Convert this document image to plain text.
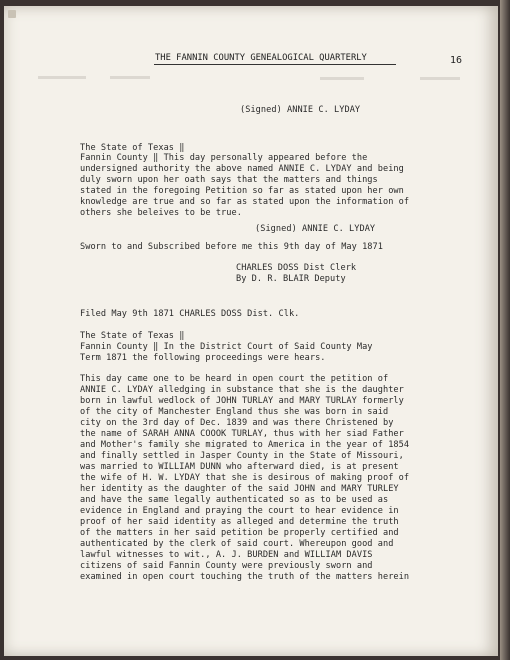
THE FANNIN COUNTY GENEALOGICAL QUARTERLY	16
(Signed) ANNIE C. LYDAY
The State of Texas ‖
Fannin County ‖ This day personally appeared before the
undersigned authority the above named ANNIE C. LYDAY and being
duly sworn upon her oath says that the matters and things
stated in the foregoing Petition so far as stated upon her own
knowledge are true and so far as stated upon the information of
others she beleives to be true.
(Signed) ANNIE C. LYDAY
Sworn to and Subscribed before me this 9th day of May 1871
CHARLES DOSS Dist Clerk
By D. R. BLAIR Deputy
Filed May 9th 1871 CHARLES DOSS Dist. Clk.
The State of Texas ‖
Fannin County ‖ In the District Court of Said County May
Term 1871 the following proceedings were hears.
This day came one to be heard in open court the petition of
ANNIE C. LYDAY alledging in substance that she is the daughter
born in lawful wedlock of JOHN TURLAY and MARY TURLAY formerly
of the city of Manchester England thus she was born in said
city on the 3rd day of Dec. 1839 and was there Christened by
the name of SARAH ANNA COOOK TURLAY, thus with her siad Father
and Mother's family she migrated to America in the year of 1854
and finally settled in Jasper County in the State of Missouri,
was married to WILLIAM DUNN who afterward died, is at present
the wife of H. W. LYDAY that she is desirous of making proof of
her identity as the daughter of the said JOHN and MARY TURLEY
and have the same legally authenticated so as to be used as
evidence in England and praying the court to hear evidence in
proof of her said identity as alleged and determine the truth
of the matters in her said petition be properly certified and
authenticated by the clerk of said court. Whereupon good and
lawful witnesses to wit., A. J. BURDEN and WILLIAM DAVIS
citizens of said Fannin County were previously sworn and
examined in open court touching the truth of the matters herein
